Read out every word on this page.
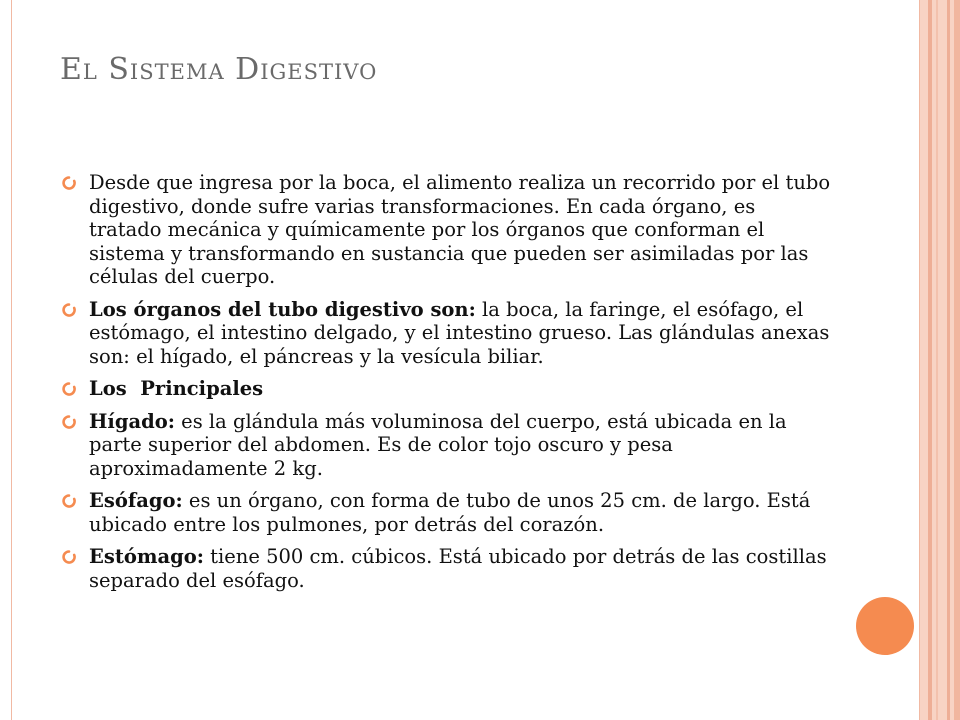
El Sistema Digestivo
Desde que ingresa por la boca, el alimento realiza un recorrido por el tubo digestivo, donde sufre varias transformaciones. En cada órgano, es tratado mecánica y químicamente por los órganos que conforman el sistema y transformando en sustancia que pueden ser asimiladas por las células del cuerpo.
Los órganos del tubo digestivo son: la boca, la faringe, el esófago, el estómago, el intestino delgado, y el intestino grueso. Las glándulas anexas son: el hígado, el páncreas y la vesícula biliar.
Los  Principales
Hígado: es la glándula más voluminosa del cuerpo, está ubicada en la parte superior del abdomen. Es de color tojo oscuro y pesa aproximadamente 2 kg.
Esófago: es un órgano, con forma de tubo de unos 25 cm. de largo. Está ubicado entre los pulmones, por detrás del corazón.
Estómago: tiene 500 cm. cúbicos. Está ubicado por detrás de las costillas separado del esófago.
